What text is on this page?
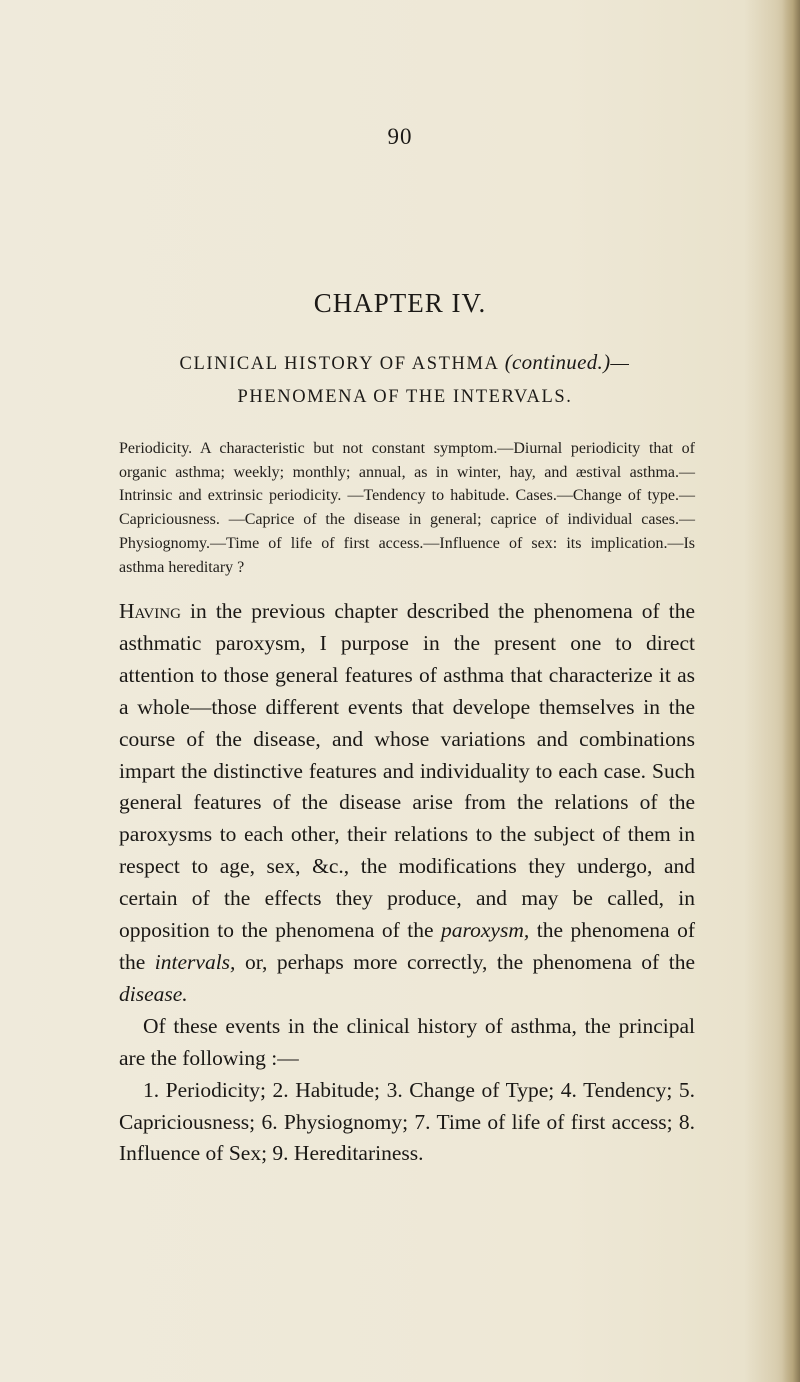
90
CHAPTER IV.
CLINICAL HISTORY OF ASTHMA (continued.)—
PHENOMENA OF THE INTERVALS.
Periodicity. A characteristic but not constant symptom.—Diurnal periodicity that of organic asthma; weekly; monthly; annual, as in winter, hay, and æstival asthma.—Intrinsic and extrinsic periodicity. —Tendency to habitude. Cases.—Change of type.—Capriciousness. —Caprice of the disease in general; caprice of individual cases.— Physiognomy.—Time of life of first access.—Influence of sex: its implication.—Is asthma hereditary ?

Having in the previous chapter described the phenomena of the asthmatic paroxysm, I purpose in the present one to direct attention to those general features of asthma that characterize it as a whole—those different events that develope themselves in the course of the disease, and whose variations and combinations impart the distinctive features and individuality to each case. Such general features of the disease arise from the relations of the paroxysms to each other, their relations to the subject of them in respect to age, sex, &c., the modifications they undergo, and certain of the effects they produce, and may be called, in opposition to the phenomena of the paroxysm, the phenomena of the intervals, or, perhaps more correctly, the phenomena of the disease.

Of these events in the clinical history of asthma, the principal are the following :—

1. Periodicity; 2. Habitude; 3. Change of Type; 4. Tendency; 5. Capriciousness; 6. Physiognomy; 7. Time of life of first access; 8. Influence of Sex; 9. Hereditariness.
